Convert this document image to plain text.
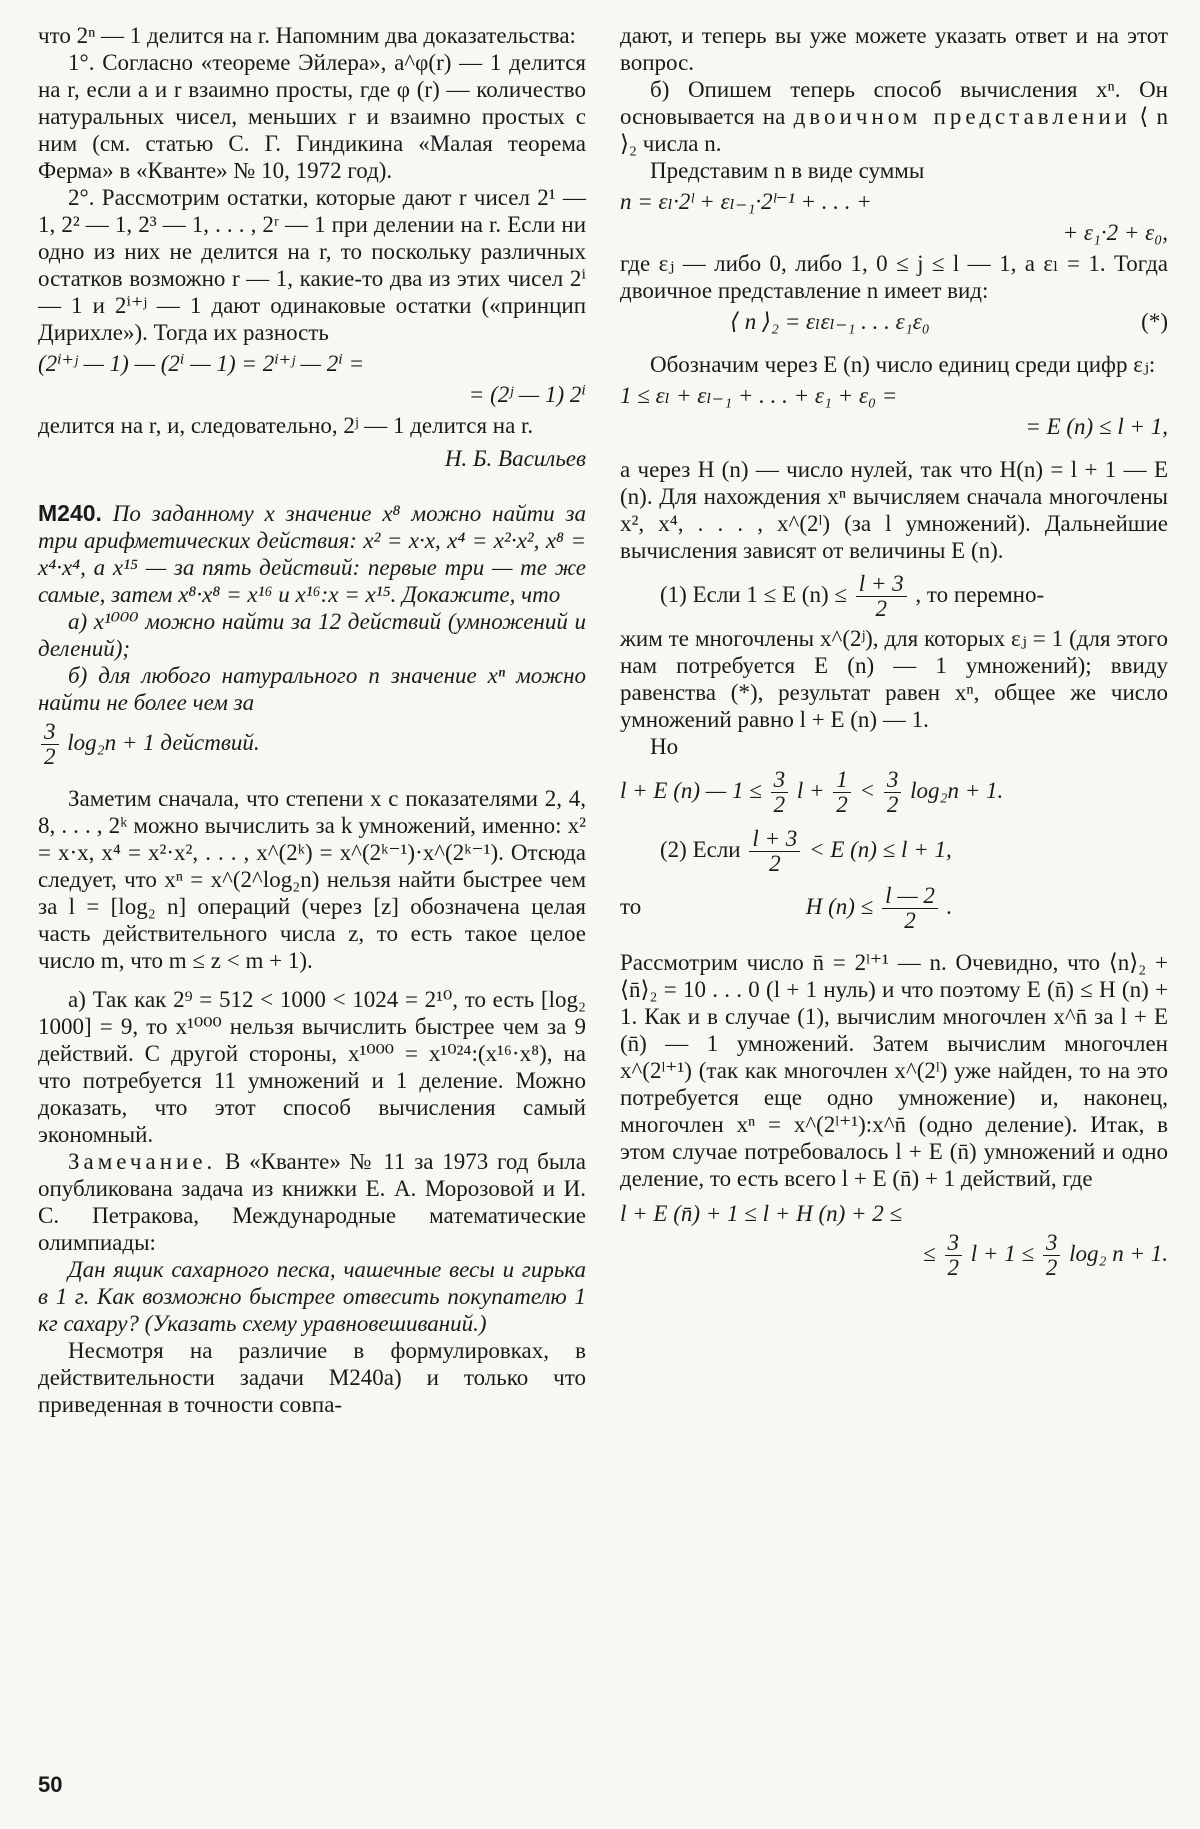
что 2ⁿ — 1 делится на r. Напомним два доказательства:

1°. Согласно «теореме Эйлера», a^φ(r) — 1 делится на r, если a и r взаимно просты, где φ (r) — количество натуральных чисел, меньших r и взаимно простых с ним (см. статью С. Г. Гиндикина «Малая теорема Ферма» в «Кванте» № 10, 1972 год).

2°. Рассмотрим остатки, которые дают r чисел 2¹ — 1, 2² — 1, 2³ — 1, . . . , 2ʳ — 1 при делении на r. Если ни одно из них не делится на r, то поскольку различных остатков возможно r — 1, какие-то два из этих чисел 2ⁱ — 1 и 2ⁱ⁺ʲ — 1 дают одинаковые остатки («принцип Дирихле»). Тогда их разность

(2ⁱ⁺ʲ — 1) — (2ⁱ — 1) = 2ⁱ⁺ʲ — 2ⁱ =
= (2ʲ — 1) 2ⁱ

делится на r, и, следовательно, 2ʲ — 1 делится на r.

Н. Б. Васильев

М240. По заданному x значение x⁸ можно найти за три арифметических действия: x² = x·x, x⁴ = x²·x², x⁸ = x⁴·x⁴, а x¹⁵ — за пять действий: первые три — те же самые, затем x⁸·x⁸ = x¹⁶ и x¹⁶:x = x¹⁵. Докажите, что

а) x¹⁰⁰⁰ можно найти за 12 действий (умножений и делений);

б) для любого натурального n значение xⁿ можно найти не более чем за

$\frac{3}{2} \log_2n + 1$ действий.

Заметим сначала, что степени x с показателями 2, 4, 8, . . . , 2ᵏ можно вычислить за k умножений, именно: x² = x·x, x⁴ = x²·x², . . . , x^(2ᵏ) = x^(2ᵏ⁻¹)·x^(2ᵏ⁻¹). Отсюда следует, что xⁿ = x^(2^log₂n) нельзя найти быстрее чем за l = [log₂ n] операций (через [z] обозначена целая часть действительного числа z, то есть такое целое число m, что m ≤ z < m + 1).

а) Так как 2⁹ = 512 < 1000 < 1024 = 2¹⁰, то есть [log₂ 1000] = 9, то x¹⁰⁰⁰ нельзя вычислить быстрее чем за 9 действий. С другой стороны, x¹⁰⁰⁰ = x¹⁰²⁴:(x¹⁶·x⁸), на что потребуется 11 умножений и 1 деление. Можно доказать, что этот способ вычисления самый экономный.

Замечание. В «Кванте» № 11 за 1973 год была опубликована задача из книжки Е. А. Морозовой и И. С. Петракова, Международные математические олимпиады:

Дан ящик сахарного песка, чашечные весы и гирька в 1 г. Как возможно быстрее отвесить покупателю 1 кг сахару? (Указать схему уравновешиваний.)

Несмотря на различие в формулировках, в действительности задачи М240а) и только что приведенная в точности совпа-

дают, и теперь вы уже можете указать ответ и на этот вопрос.

б) Опишем теперь способ вычисления xⁿ. Он основывается на двоичном представлении ⟨ n ⟩₂ числа n.

Представим n в виде суммы

n = εₗ·2ˡ + εₗ₋₁·2ˡ⁻¹ + . . . +
+ ε₁·2 + ε₀,

где εⱼ — либо 0, либо 1, 0 ≤ j ≤ l — 1, а εₗ = 1. Тогда двоичное представление n имеет вид:

⟨ n ⟩₂ = εₗεₗ₋₁ . . . ε₁ε₀	(*)

Обозначим через E (n) число единиц среди цифр εⱼ:

1 ≤ εₗ + εₗ₋₁ + . . . + ε₁ + ε₀ =
= E (n) ≤ l + 1,

а через H (n) — число нулей, так что H(n) = l + 1 — E (n). Для нахождения xⁿ вычисляем сначала многочлены x², x⁴, . . . , x^(2ˡ) (за l умножений). Дальнейшие вычисления зависят от величины E (n).

(1) Если 1 ≤ E $(n) \le \frac{l + 3}{2}$ , то перемно-

жим те многочлены x^(2ʲ), для которых εⱼ = 1 (для этого нам потребуется E (n) — 1 умножений); ввиду равенства (*), результат равен xⁿ, общее же число умножений равно l + E (n) — 1.

Но

l + E (n) — $1 \le \frac{3}{2}$ $l + \frac{1}{2} < \frac{3}{2} \log_2n + 1$.
(2) Если $\frac{l + 3}{2} < E$ (n) ≤ l + 1,
то	H $(n) \le \frac{l — 2}{2}$ .

Рассмотрим число n̄ = 2ˡ⁺¹ — n. Очевидно, что ⟨n⟩₂ + ⟨n̄⟩₂ = 10 . . . 0 (l + 1 нуль) и что поэтому E (n̄) ≤ H (n) + 1. Как и в случае (1), вычислим многочлен x^n̄ за l + E (n̄) — 1 умножений. Затем вычислим многочлен x^(2ˡ⁺¹) (так как многочлен x^(2ˡ) уже найден, то на это потребуется еще одно умножение) и, наконец, многочлен xⁿ = x^(2ˡ⁺¹):x^n̄ (одно деление). Итак, в этом случае потребовалось l + E (n̄) умножений и одно деление, то есть всего l + E (n̄) + 1 действий, где

l + E (n̄) + 1 ≤ l + H (n) + 2 ≤
≤ $\frac{3}{2}$ $l + 1 \le \frac{3}{2} \log_2$ n + 1.
50
